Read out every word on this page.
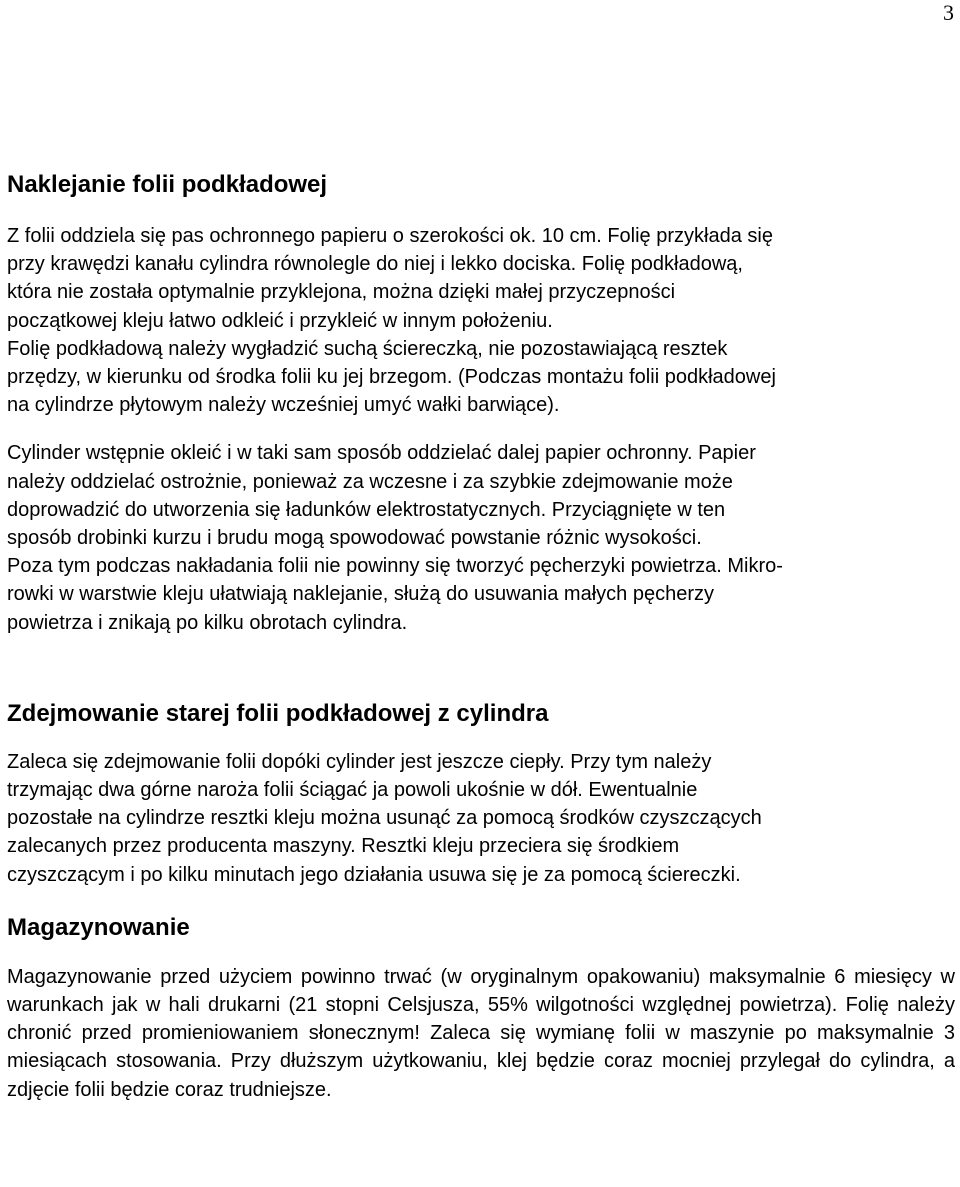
3
Naklejanie folii podkładowej

Z folii oddziela się pas ochronnego papieru o szerokości ok. 10 cm. Folię przykłada się
przy krawędzi kanału cylindra równolegle do niej i lekko dociska. Folię podkładową,
która nie została optymalnie przyklejona, można dzięki małej przyczepności
początkowej kleju łatwo odkleić i przykleić w innym położeniu.
Folię podkładową należy wygładzić suchą ściereczką, nie pozostawiającą resztek
przędzy, w kierunku od środka folii ku jej brzegom. (Podczas montażu folii podkładowej
na cylindrze płytowym należy wcześniej umyć wałki barwiące).

Cylinder wstępnie okleić i w taki sam sposób oddzielać dalej papier ochronny. Papier
należy oddzielać ostrożnie, ponieważ za wczesne i za szybkie zdejmowanie może
doprowadzić do utworzenia się ładunków elektrostatycznych. Przyciągnięte w ten
sposób drobinki kurzu i brudu mogą spowodować powstanie różnic wysokości.
Poza tym podczas nakładania folii nie powinny się tworzyć pęcherzyki powietrza. Mikro-
rowki w warstwie kleju ułatwiają naklejanie, służą do usuwania małych pęcherzy
powietrza i znikają po kilku obrotach cylindra.

Zdejmowanie starej folii podkładowej z cylindra

Zaleca się zdejmowanie folii dopóki cylinder jest jeszcze ciepły. Przy tym należy
trzymając dwa górne naroża folii ściągać ja powoli ukośnie w dół. Ewentualnie
pozostałe na cylindrze resztki kleju można usunąć za pomocą środków czyszczących
zalecanych przez producenta maszyny. Resztki kleju przeciera się środkiem
czyszczącym i po kilku minutach jego działania usuwa się je za pomocą ściereczki.

Magazynowanie

Magazynowanie przed użyciem powinno trwać (w oryginalnym opakowaniu) maksymalnie 6 miesięcy w warunkach jak w hali drukarni (21 stopni Celsjusza, 55% wilgotności względnej powietrza). Folię należy chronić przed promieniowaniem słonecznym! Zaleca się wymianę folii w maszynie po maksymalnie 3 miesiącach stosowania. Przy dłuższym użytkowaniu, klej będzie coraz mocniej przylegał do cylindra, a zdjęcie folii będzie coraz trudniejsze.
